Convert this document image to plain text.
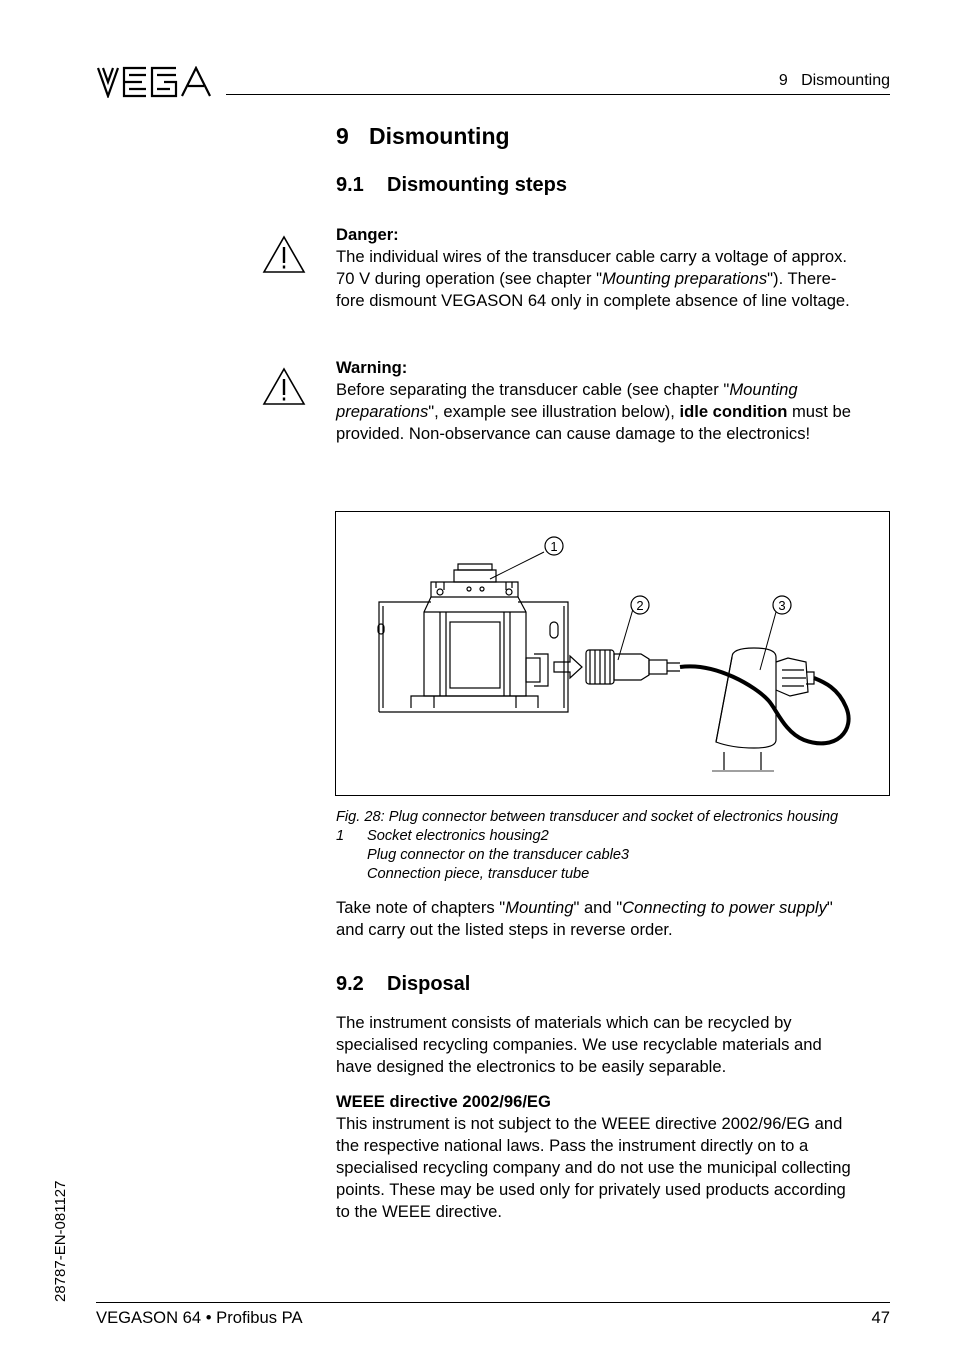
9   Dismounting
9 Dismounting
9.1 Dismounting steps

Danger:

The individual wires of the transducer cable carry a voltage of approx.

70 V during operation (see chapter "Mounting preparations"). There-

fore dismount VEGASON 64 only in complete absence of line voltage.

Warning:

Before separating the transducer cable (see chapter "Mounting

preparations", example see illustration below), idle condition must be

provided. Non-observance can cause damage to the electronics!

1
2	3
Fig. 28: Plug connector between transducer and socket of electronics housing
1	Socket electronics housing2
Plug connector on the transducer cable3
Connection piece, transducer tube

Take note of chapters "Mounting" and "Connecting to power supply"

and carry out the listed steps in reverse order.

9.2 Disposal

The instrument consists of materials which can be recycled by

specialised recycling companies. We use recyclable materials and

have designed the electronics to be easily separable.

WEEE directive 2002/96/EG

This instrument is not subject to the WEEE directive 2002/96/EG and

the respective national laws. Pass the instrument directly on to a

specialised recycling company and do not use the municipal collecting

points. These may be used only for privately used products according

to the WEEE directive.

28787-EN-081127
VEGASON 64 • Profibus PA	47
